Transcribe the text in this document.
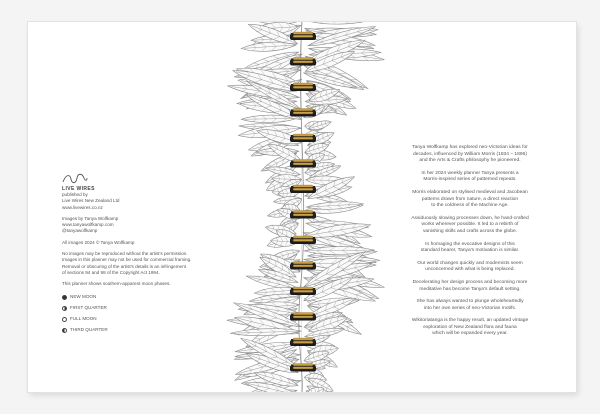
LIVE WIRES
published by
Live Wires New Zealand Ltd
www.livewires.co.nz
Images by Tanya Wolfkamp
www.tanyawolfkamp.com
@tanyawolfkamp
All images 2024 © Tanya Wolfkamp
No images may be reproduced without the artist's permission.
Images in this planner may not be used for commercial framing.
Removal or obscuring of the artist's details is an infringement
of sections 94 and 98 of the Copyright Act 1994.
This planner shows southern-apparent moon phases.
NEW MOON
FIRST QUARTER
FULL MOON
THIRD QUARTER

Tanya Wolfkamp has explored neo-Victorian ideas for
decades, influenced by William Morris (1834 – 1896)
and the Arts & Crafts philosophy he pioneered.

In her 2024 weekly planner Tanya presents a
Morris-inspired series of patterned repeats.

Morris elaborated on stylised medieval and Jacobean
patterns drawn from nature, a direct reaction
to the coldness of the Machine Age.

Assiduously slowing processes down, he hand-crafted
works wherever possible. It led to a rebirth of
vanishing skills and crafts across the globe.

In homaging the evocative designs of this
standard bearer, Tanya's motivation is similar.

Our world changes quickly and modernists seem
unconcerned with what is being replaced.

Decelerating her design process and becoming more
meditative has become Tanya's default setting.

She has always wanted to plunge wholeheartedly
into her own series of neo-Victorian motifs.

Wikitoriatanga is the happy result, an updated vintage
exploration of New Zealand flora and fauna
which will be expanded every year.
